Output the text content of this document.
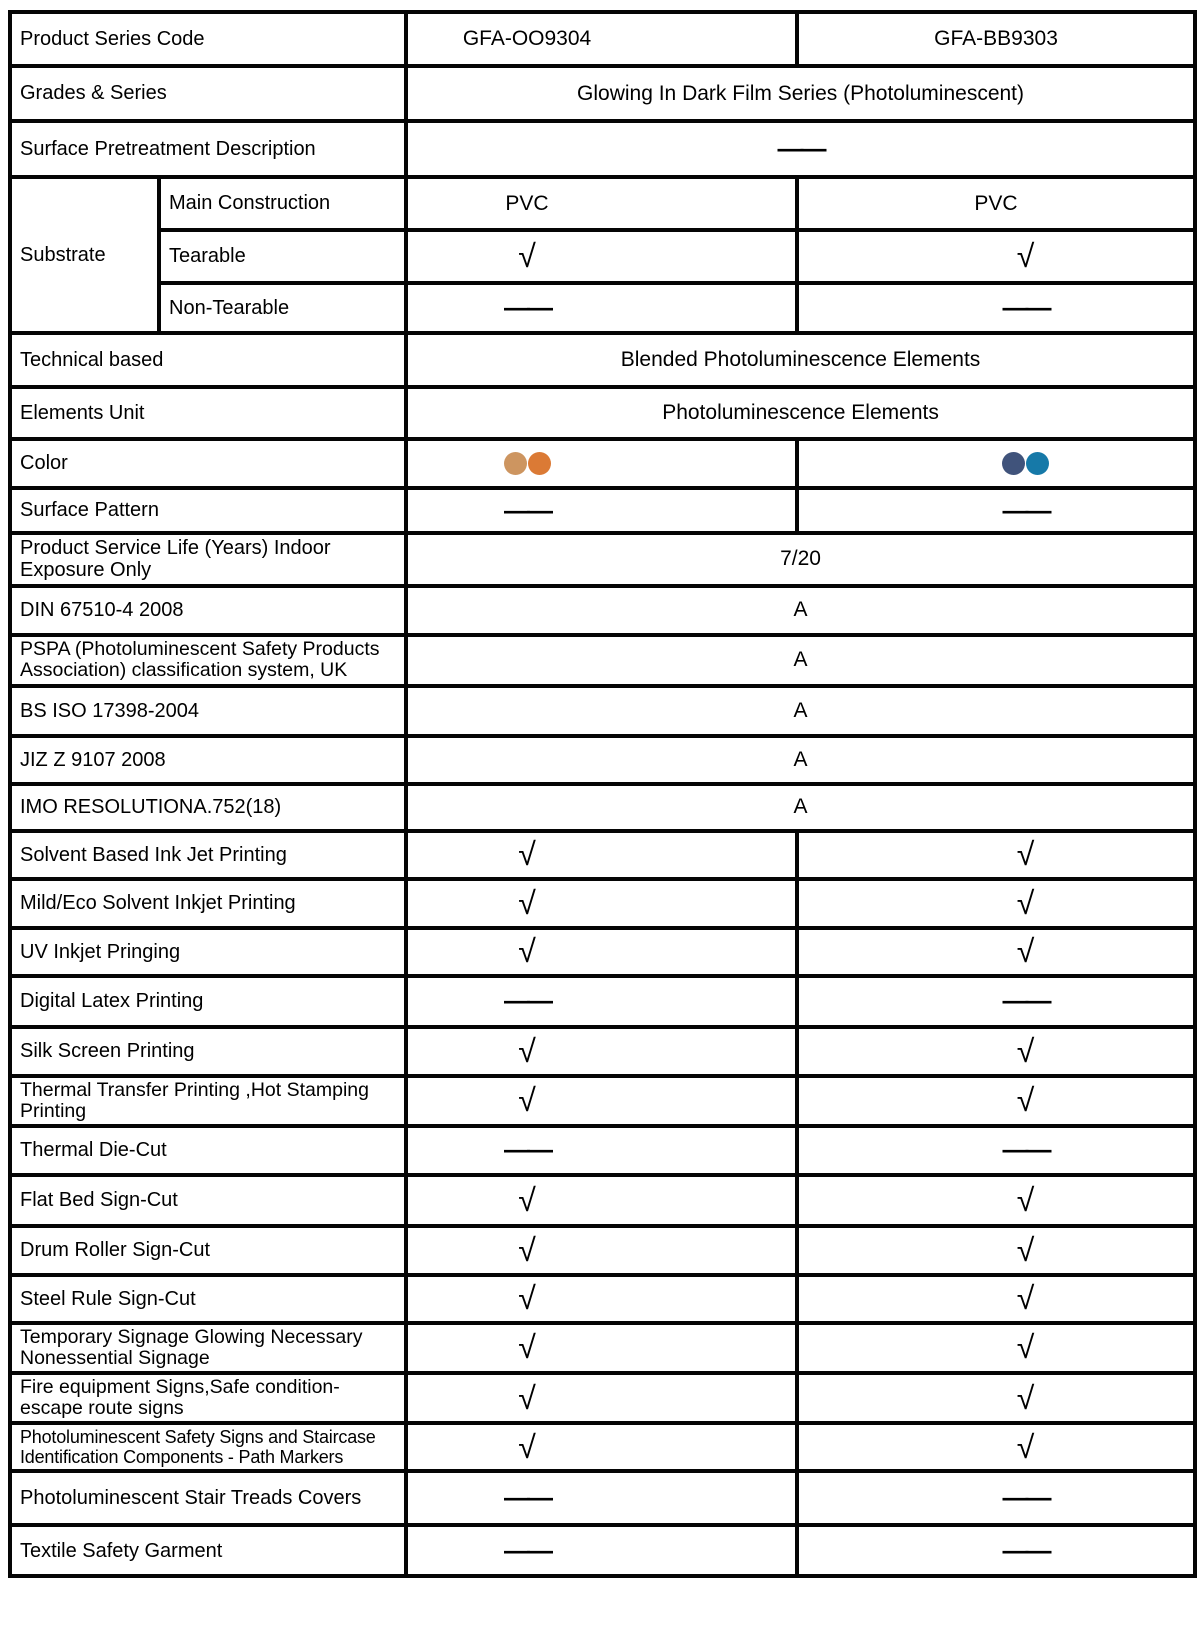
Product Series Code		GFA-OO9304	GFA-BB9303
Grades & Series		Glowing In Dark Film Series (Photoluminescent)	
Surface Pretreatment Description		——	
Substrate	Main Construction	PVC	PVC
	Tearable	√	√
	Non-Tearable	——	——
Technical based		Blended Photoluminescence Elements	
Elements Unit		Photoluminescence Elements	
Color			
Surface Pattern		——	——
Product Service Life (Years) Indoor Exposure Only		7/20	
DIN 67510-4 2008		A	
PSPA (Photoluminescent Safety Products Association) classification system, UK		A	
BS ISO 17398-2004		A	
JIZ Z 9107 2008		A	
IMO RESOLUTIONA.752(18)		A	
Solvent Based Ink Jet Printing		√	√
Mild/Eco Solvent Inkjet Printing		√	√
UV Inkjet Pringing		√	√
Digital Latex Printing		——	——
Silk Screen Printing		√	√
Thermal Transfer Printing ,Hot Stamping Printing		√	√
Thermal Die-Cut		——	——
Flat Bed Sign-Cut		√	√
Drum Roller Sign-Cut		√	√
Steel Rule Sign-Cut		√	√
Temporary Signage Glowing Necessary Nonessential Signage		√	√
Fire equipment Signs,Safe condition-escape route signs		√	√
Photoluminescent Safety Signs and Staircase Identification Components - Path Markers		√	√
Photoluminescent Stair Treads Covers		——	——
Textile Safety Garment		——	——
